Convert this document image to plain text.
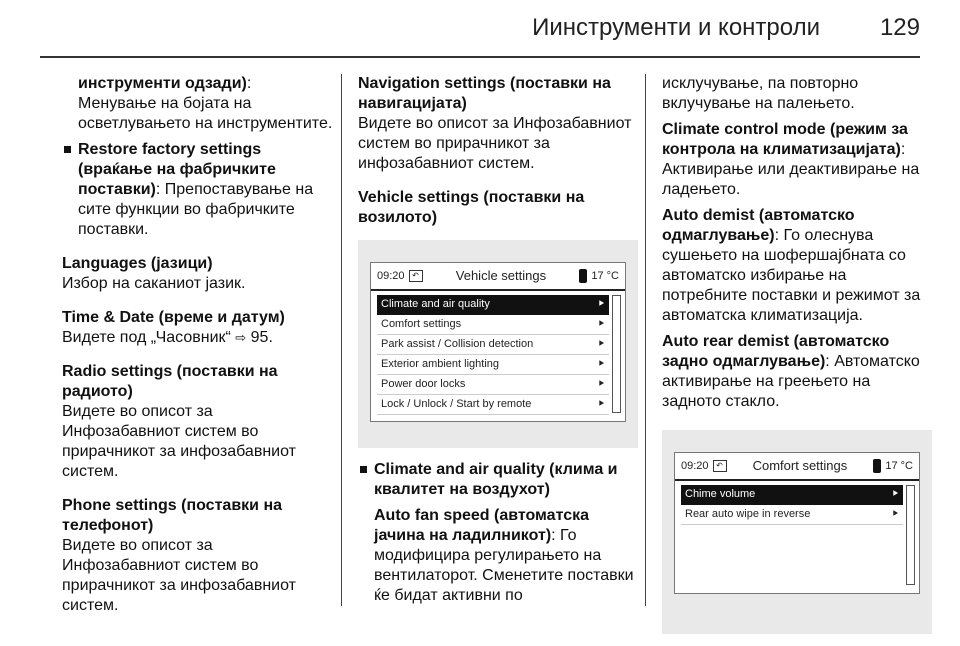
Иинструменти и контроли 129

инструменти одзади): Менување на бојата на осветлувањето на инструментите.

Restore factory settings (враќање на фабричките поставки): Препоставување на сите функции во фабричките поставки.

Languages (јазици)

Избор на саканиот јазик.

Time & Date (време и датум)

Видете под „Часовник“ ⇨ 95.

Radio settings (поставки на радиото)

Видете во описот за Инфозабавниот систем во прирачникот за инфозабавниот систем.

Phone settings (поставки на телефонот)

Видете во описот за Инфозабавниот систем во прирачникот за инфозабавниот систем.

Navigation settings (поставки на навигацијата)

Видете во описот за Инфозабавниот систем во прирачникот за инфозабавниот систем.

Vehicle settings (поставки на возилото)

09:20 ↶	Vehicle settings	17 °C
Climate and air quality	⯈
Comfort settings	⯈
Park assist / Collision detection	⯈
Exterior ambient lighting	⯈
Power door locks	⯈
Lock / Unlock / Start by remote	⯈

Climate and air quality (клима и квалитет на воздухот)

Auto fan speed (автоматска јачина на ладилникот): Го модифицира регулирањето на вентилаторот. Сменетите поставки ќе бидат активни по

исклучување, па повторно вклучување на палењето.

Climate control mode (режим за контрола на климатизацијата): Активирање или деактивирање на ладењето.

Auto demist (автоматско одмаглување): Го олеснува сушењето на шофершајбната со автоматско избирање на потребните поставки и режимот за автоматска климатизација.

Auto rear demist (автоматско задно одмаглување): Автоматско активирање на греењето на задното стакло.

09:20 ↶	Comfort settings	17 °C
Chime volume	⯈
Rear auto wipe in reverse	⯈
